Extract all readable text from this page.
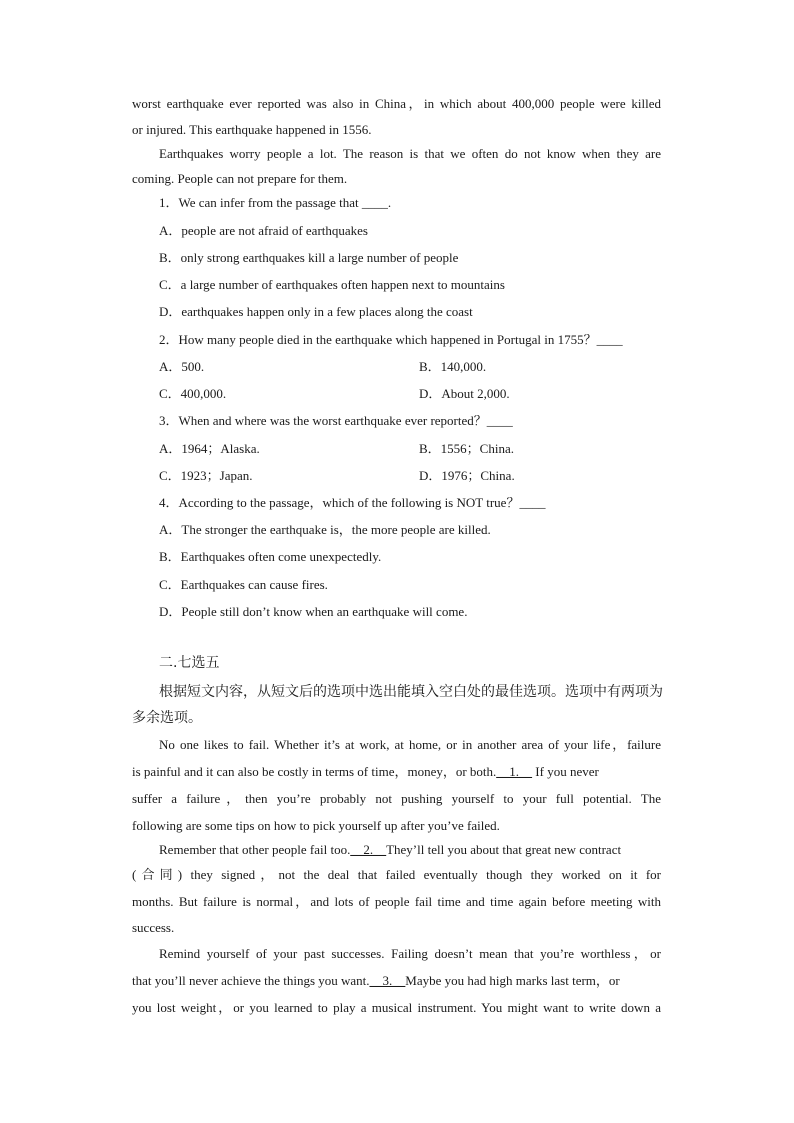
worst earthquake ever reported was also in China，in which about 400,000 people were killed
or injured. This earthquake happened in 1556.
Earthquakes worry people a lot. The reason is that we often do not know when they are
coming. People can not prepare for them.
1．We can infer from the passage that ____.
A．people are not afraid of earthquakes
B．only strong earthquakes kill a large number of people
C．a large number of earthquakes often happen next to mountains
D．earthquakes happen only in a few places along the coast
2．How many people died in the earthquake which happened in Portugal in 1755？____
A．500.	B．140,000.
C．400,000.	D．About 2,000.
3．When and where was the worst earthquake ever reported？____
A．1964；Alaska.	B．1556；China.
C．1923；Japan.	D．1976；China.
4．According to the passage，which of the following is NOT true？____
A．The stronger the earthquake is，the more people are killed.
B．Earthquakes often come unexpectedly.
C．Earthquakes can cause fires.
D．People still don’t know when an earthquake will come.
二.七选五
根据短文内容，从短文后的选项中选出能填入空白处的最佳选项。选项中有两项为
多余选项。
No one likes to fail. Whether it’s at work, at home, or in another area of your life，failure
is painful and it can also be costly in terms of time，money，or both.__1.__ If you never
suffer a failure，then you’re probably not pushing yourself to your full potential. The
following are some tips on how to pick yourself up after you’ve failed.
Remember that other people fail too.__2.__They’ll tell you about that great new contract
(合同) they signed，not the deal that failed eventually though they worked on it for
months. But failure is normal，and lots of people fail time and time again before meeting with
success.
Remind yourself of your past successes. Failing doesn’t mean that you’re worthless，or
that you’ll never achieve the things you want.__3.__Maybe you had high marks last term，or
you lost weight，or you learned to play a musical instrument. You might want to write down a
